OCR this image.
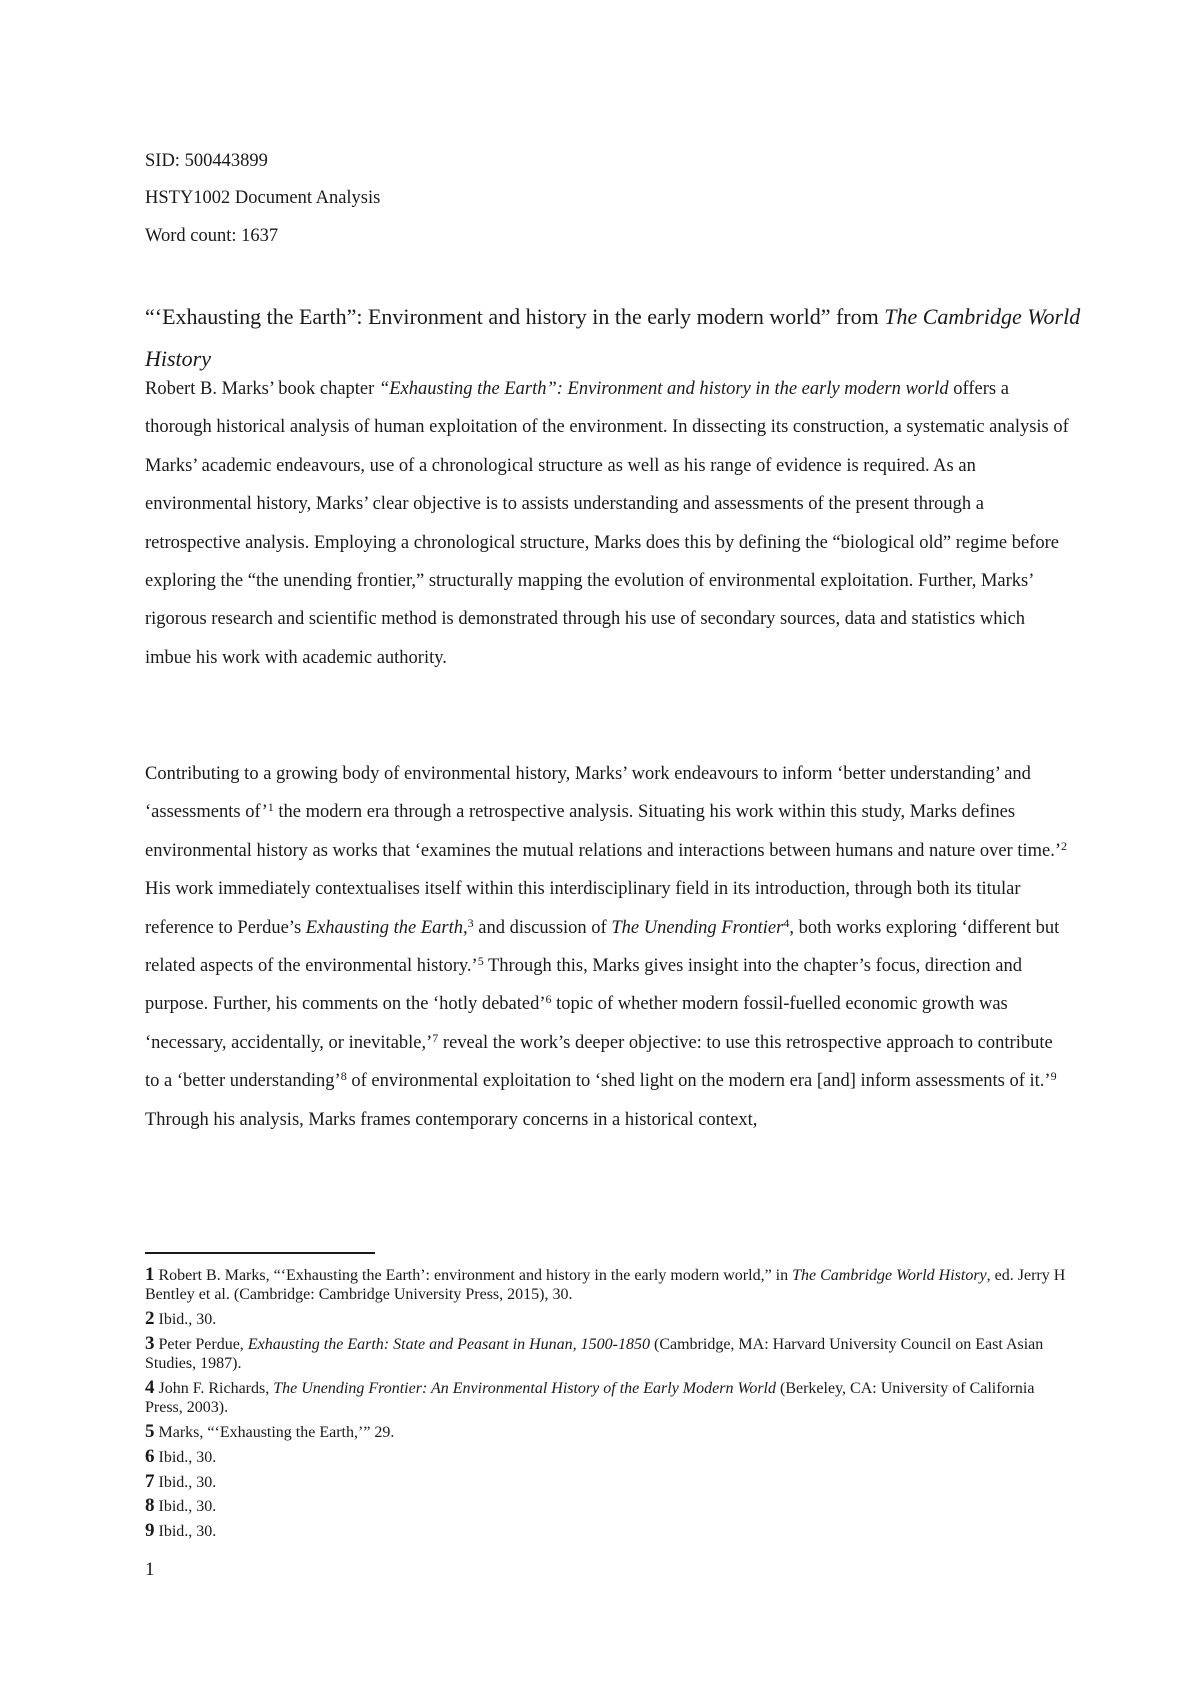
SID: 500443899
HSTY1002 Document Analysis
Word count: 1637
“‘Exhausting the Earth”: Environment and history in the early modern world” from The Cambridge World History
Robert B. Marks’ book chapter “Exhausting the Earth”: Environment and history in the early modern world offers a thorough historical analysis of human exploitation of the environment. In dissecting its construction, a systematic analysis of Marks’ academic endeavours, use of a chronological structure as well as his range of evidence is required. As an environmental history, Marks’ clear objective is to assists understanding and assessments of the present through a retrospective analysis. Employing a chronological structure, Marks does this by defining the “biological old” regime before exploring the “the unending frontier,” structurally mapping the evolution of environmental exploitation. Further, Marks’ rigorous research and scientific method is demonstrated through his use of secondary sources, data and statistics which imbue his work with academic authority.
Contributing to a growing body of environmental history, Marks’ work endeavours to inform ‘better understanding’ and ‘assessments of’$^1$ the modern era through a retrospective analysis. Situating his work within this study, Marks defines environmental history as works that ‘examines the mutual relations and interactions between humans and nature over time.’$^2$ His work immediately contextualises itself within this interdisciplinary field in its introduction, through both its titular reference to Perdue’s Exhausting the Earth,$^3$ and discussion of The Unending Frontier$^4$, both works exploring ‘different but related aspects of the environmental history.’$^5$ Through this, Marks gives insight into the chapter’s focus, direction and purpose. Further, his comments on the ‘hotly debated’$^6$ topic of whether modern fossil-fuelled economic growth was ‘necessary, accidentally, or inevitable,’$^7$ reveal the work’s deeper objective: to use this retrospective approach to contribute to a ‘better understanding’$^8$ of environmental exploitation to ‘shed light on the modern era [and] inform assessments of it.’$^9$ Through his analysis, Marks frames contemporary concerns in a historical context,
1 Robert B. Marks, “‘Exhausting the Earth’: environment and history in the early modern world,” in The Cambridge World History, ed. Jerry H Bentley et al. (Cambridge: Cambridge University Press, 2015), 30.
2 Ibid., 30.
3 Peter Perdue, Exhausting the Earth: State and Peasant in Hunan, 1500-1850 (Cambridge, MA: Harvard University Council on East Asian Studies, 1987).
4 John F. Richards, The Unending Frontier: An Environmental History of the Early Modern World (Berkeley, CA: University of California Press, 2003).
5 Marks, “‘Exhausting the Earth,’” 29.
6 Ibid., 30.
7 Ibid., 30.
8 Ibid., 30.
9 Ibid., 30.
1
